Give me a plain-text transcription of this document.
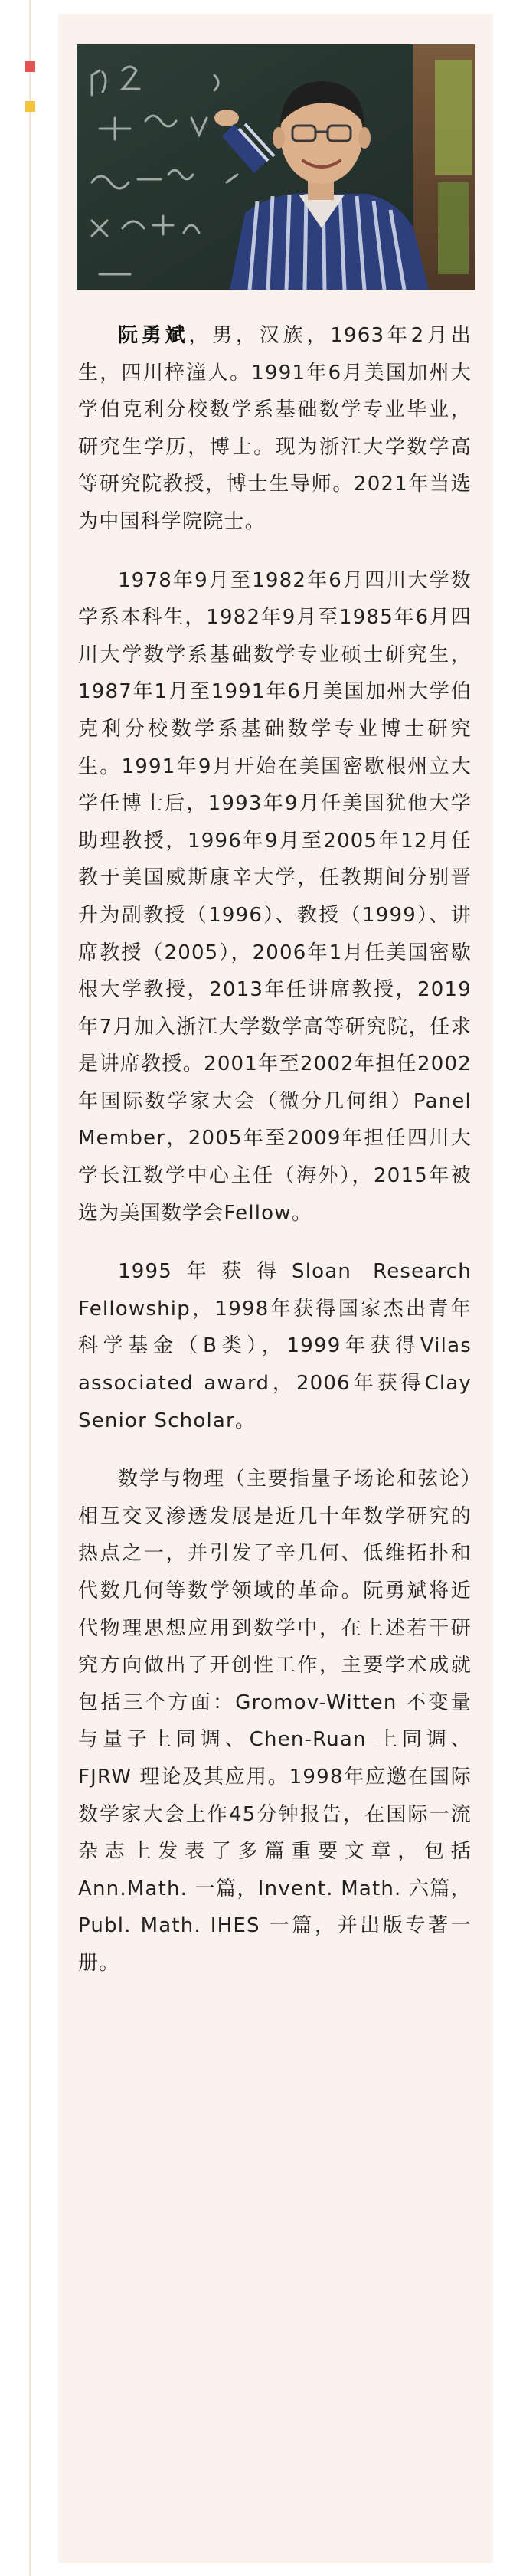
阮勇斌，男，汉族，1963年2月出生，四川梓潼人。1991年6月美国加州大学伯克利分校数学系基础数学专业毕业，研究生学历，博士。现为浙江大学数学高等研究院教授，博士生导师。2021年当选为中国科学院院士。

1978年9月至1982年6月四川大学数学系本科生，1982年9月至1985年6月四川大学数学系基础数学专业硕士研究生，1987年1月至1991年6月美国加州大学伯克利分校数学系基础数学专业博士研究生。1991年9月开始在美国密歇根州立大学任博士后，1993年9月任美国犹他大学助理教授，1996年9月至2005年12月任教于美国威斯康辛大学，任教期间分别晋升为副教授（1996）、教授（1999）、讲席教授（2005），2006年1月任美国密歇根大学教授，2013年任讲席教授，2019年7月加入浙江大学数学高等研究院，任求是讲席教授。2001年至2002年担任2002年国际数学家大会（微分几何组）Panel Member，2005年至2009年担任四川大学长江数学中心主任（海外），2015年被选为美国数学会Fellow。

1995年获得Sloan Research Fellowship，1998年获得国家杰出青年科学基金（B类），1999年获得Vilas associated award，2006年获得Clay Senior Scholar。

数学与物理（主要指量子场论和弦论）相互交叉渗透发展是近几十年数学研究的热点之一，并引发了辛几何、低维拓扑和代数几何等数学领域的革命。阮勇斌将近代物理思想应用到数学中，在上述若干研究方向做出了开创性工作，主要学术成就包括三个方面：Gromov-Witten 不变量与量子上同调、Chen-Ruan 上同调、FJRW 理论及其应用。1998年应邀在国际数学家大会上作45分钟报告，在国际一流杂志上发表了多篇重要文章，包括Ann.Math. 一篇，Invent. Math. 六篇，Publ. Math. IHES 一篇，并出版专著一册。
